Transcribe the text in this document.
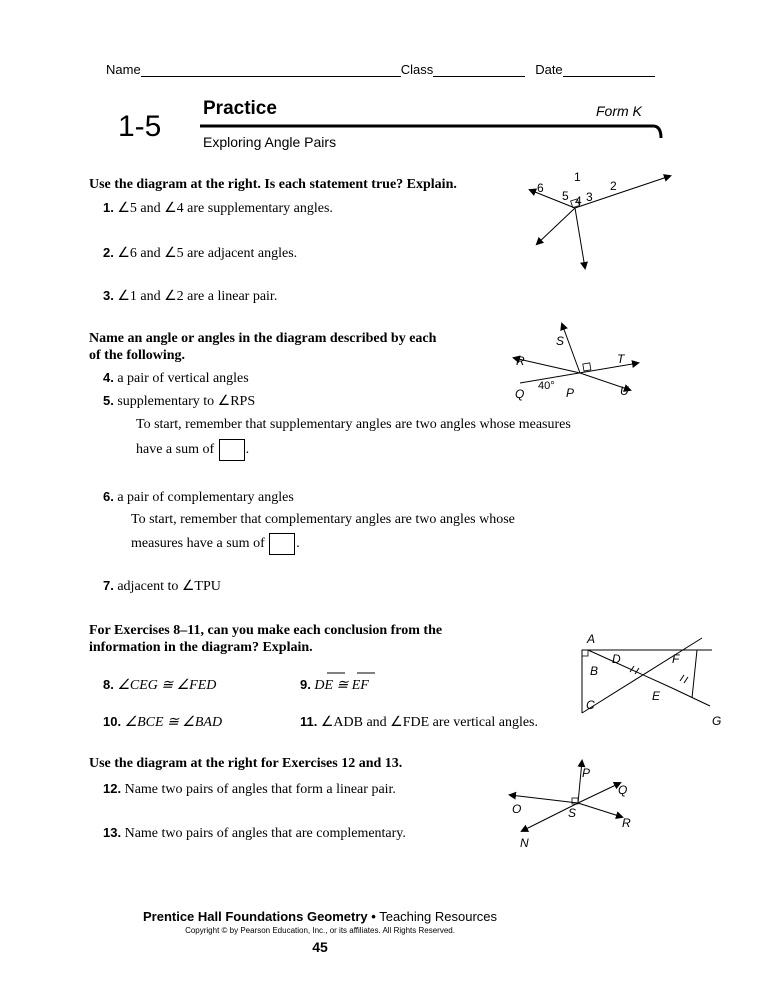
Name	Class	Date
1-5
Practice	Form K
Exploring Angle Pairs
Use the diagram at the right. Is each statement true? Explain.
1. ∠5 and ∠4 are supplementary angles.
2. ∠6 and ∠5 are adjacent angles.
3. ∠1 and ∠2 are a linear pair.
1
2
3
4
5
6
Name an angle or angles in the diagram described by each
of the following.
4. a pair of vertical angles
5. supplementary to ∠RPS
To start, remember that supplementary angles are two angles whose measures
have a sum of .
6. a pair of complementary angles
To start, remember that complementary angles are two angles whose
measures have a sum of .
7. adjacent to ∠TPU
S
R	T
Q	P	U
40°
For Exercises 8–11, can you make each conclusion from the
information in the diagram? Explain.
8. ∠CEG ≅ ∠FED	9. DE ≅ EF
10. ∠BCE ≅ ∠BAD	11. ∠ADB and ∠FDE are vertical angles.
A
D	F
B
E
G
C
Use the diagram at the right for Exercises 12 and 13.
12. Name two pairs of angles that form a linear pair.
13. Name two pairs of angles that are complementary.
P
Q
O	S
R
N
Prentice Hall Foundations Geometry • Teaching Resources
Copyright © by Pearson Education, Inc., or its affiliates. All Rights Reserved.
45
